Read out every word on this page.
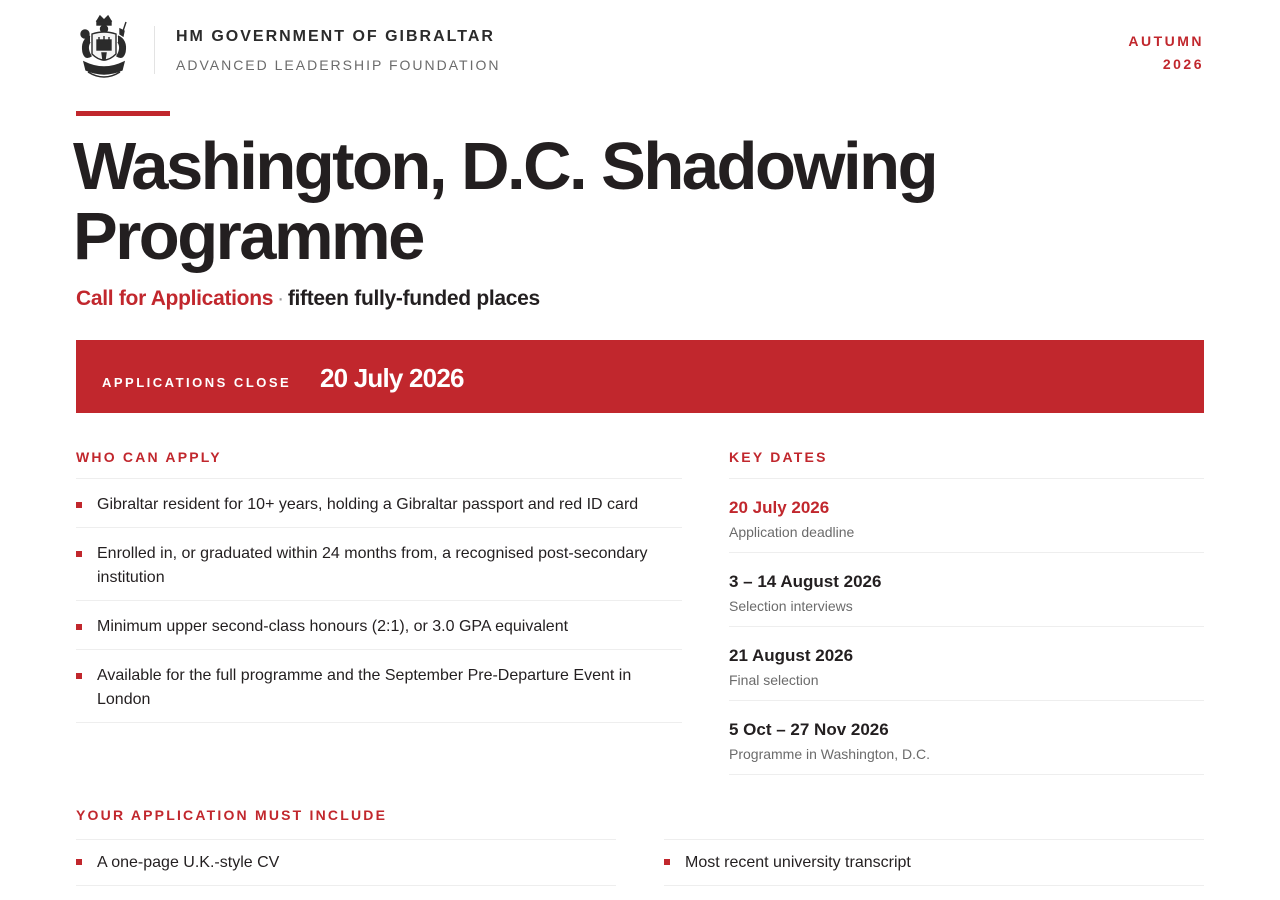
HM GOVERNMENT OF GIBRALTAR
ADVANCED LEADERSHIP FOUNDATION
AUTUMN
2026
Washington, D.C. Shadowing
Programme
Call for Applications · fifteen fully-funded places
APPLICATIONS CLOSE 20 July 2026
WHO CAN APPLY
Gibraltar resident for 10+ years, holding a Gibraltar passport and red ID card
Enrolled in, or graduated within 24 months from, a recognised post-secondary institution
Minimum upper second-class honours (2:1), or 3.0 GPA equivalent
Available for the full programme and the September Pre-Departure Event in London
KEY DATES
20 July 2026
Application deadline
3 – 14 August 2026
Selection interviews
21 August 2026
Final selection
5 Oct – 27 Nov 2026
Programme in Washington, D.C.
YOUR APPLICATION MUST INCLUDE
A one-page U.K.-style CV	Most recent university transcript
